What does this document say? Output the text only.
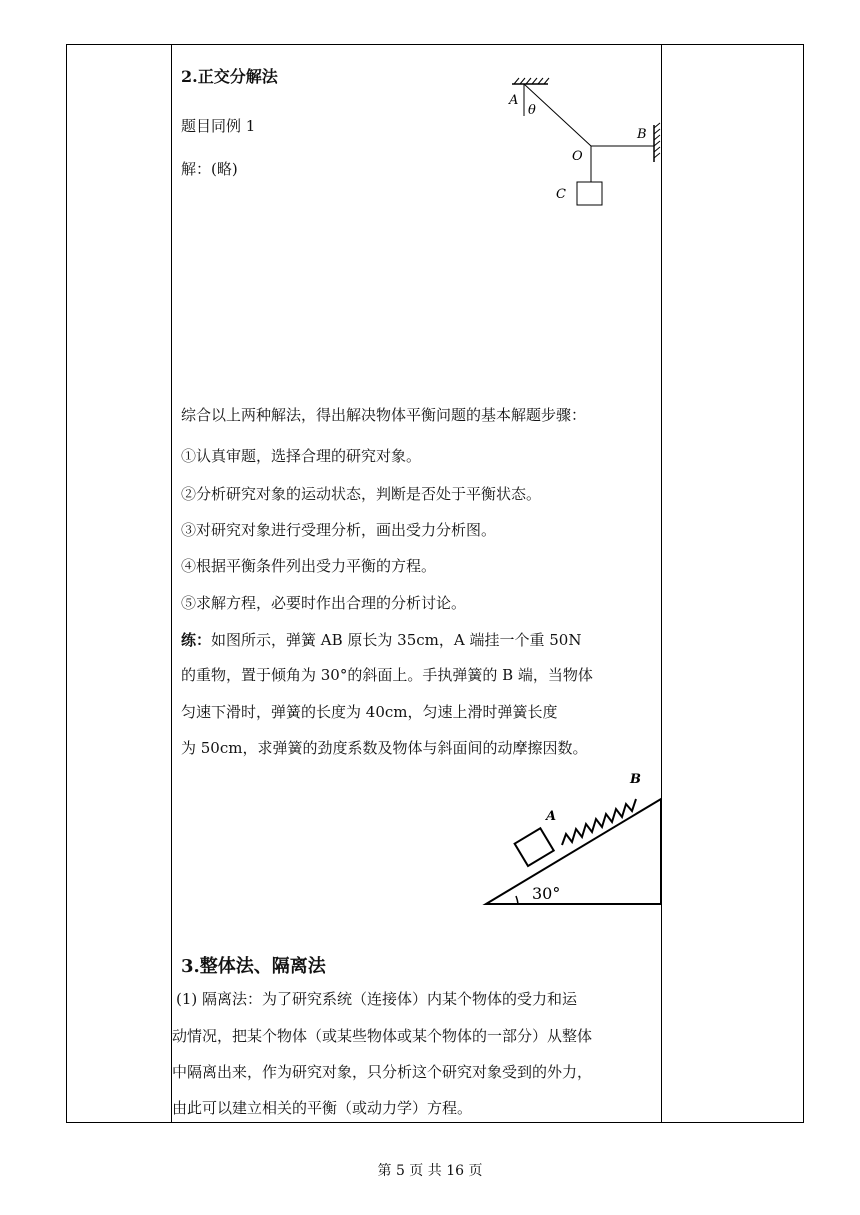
2.正交分解法
题目同例 1
解：(略)
A
θ
O
B
C
综合以上两种解法，得出解决物体平衡问题的基本解题步骤：
①认真审题，选择合理的研究对象。
②分析研究对象的运动状态，判断是否处于平衡状态。
③对研究对象进行受理分析，画出受力分析图。
④根据平衡条件列出受力平衡的方程。
⑤求解方程，必要时作出合理的分析讨论。
练：如图所示，弹簧 AB 原长为 35cm，A 端挂一个重 50N
的重物，置于倾角为 30°的斜面上。手执弹簧的 B 端，当物体
匀速下滑时，弹簧的长度为 40cm，匀速上滑时弹簧长度
为 50cm，求弹簧的劲度系数及物体与斜面间的动摩擦因数。
A
B
30°
3.整体法、隔离法
(1) 隔离法：为了研究系统（连接体）内某个物体的受力和运
动情况，把某个物体（或某些物体或某个物体的一部分）从整体
中隔离出来，作为研究对象，只分析这个研究对象受到的外力，
由此可以建立相关的平衡（或动力学）方程。
第 5 页 共 16 页
